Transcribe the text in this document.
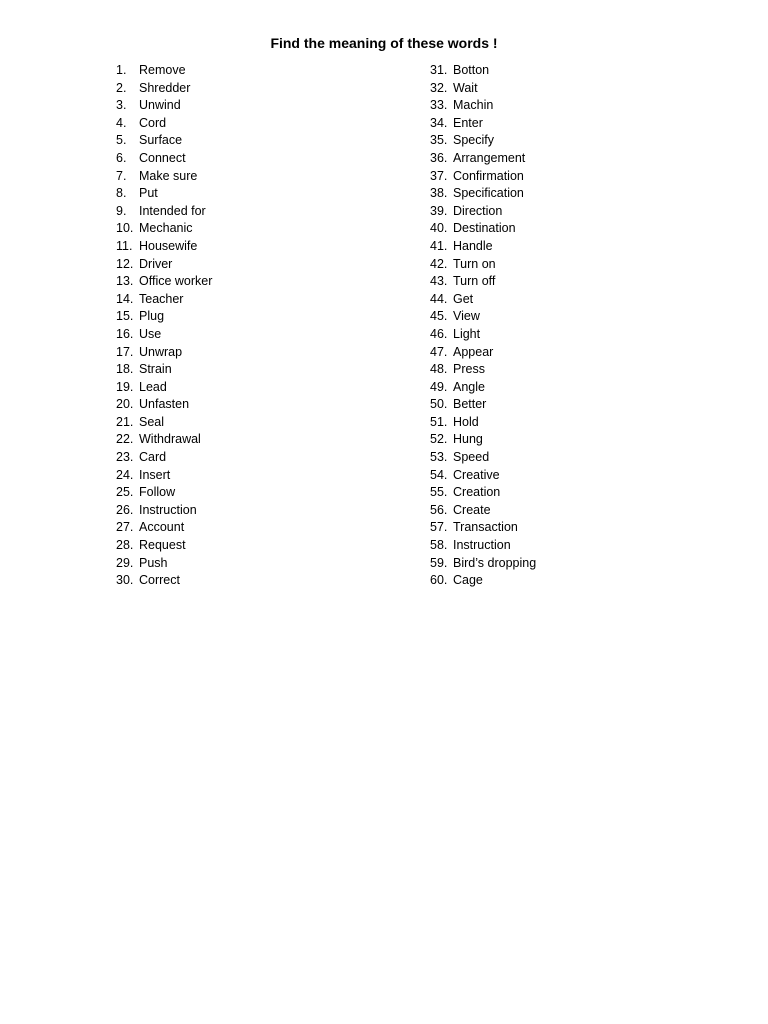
Find the meaning of these words !
1.	Remove
2.	Shredder
3.	Unwind
4.	Cord
5.	Surface
6.	Connect
7.	Make sure
8.	Put
9.	Intended for
10. Mechanic
11. Housewife
12. Driver
13. Office worker
14. Teacher
15. Plug
16. Use
17. Unwrap
18. Strain
19. Lead
20. Unfasten
21. Seal
22. Withdrawal
23. Card
24. Insert
25. Follow
26. Instruction
27. Account
28. Request
29. Push
30. Correct
31. Botton
32. Wait
33. Machin
34. Enter
35. Specify
36. Arrangement
37. Confirmation
38. Specification
39. Direction
40. Destination
41. Handle
42. Turn on
43. Turn off
44. Get
45. View
46. Light
47. Appear
48. Press
49. Angle
50. Better
51. Hold
52. Hung
53. Speed
54. Creative
55. Creation
56. Create
57. Transaction
58. Instruction
59. Bird’s dropping
60. Cage
